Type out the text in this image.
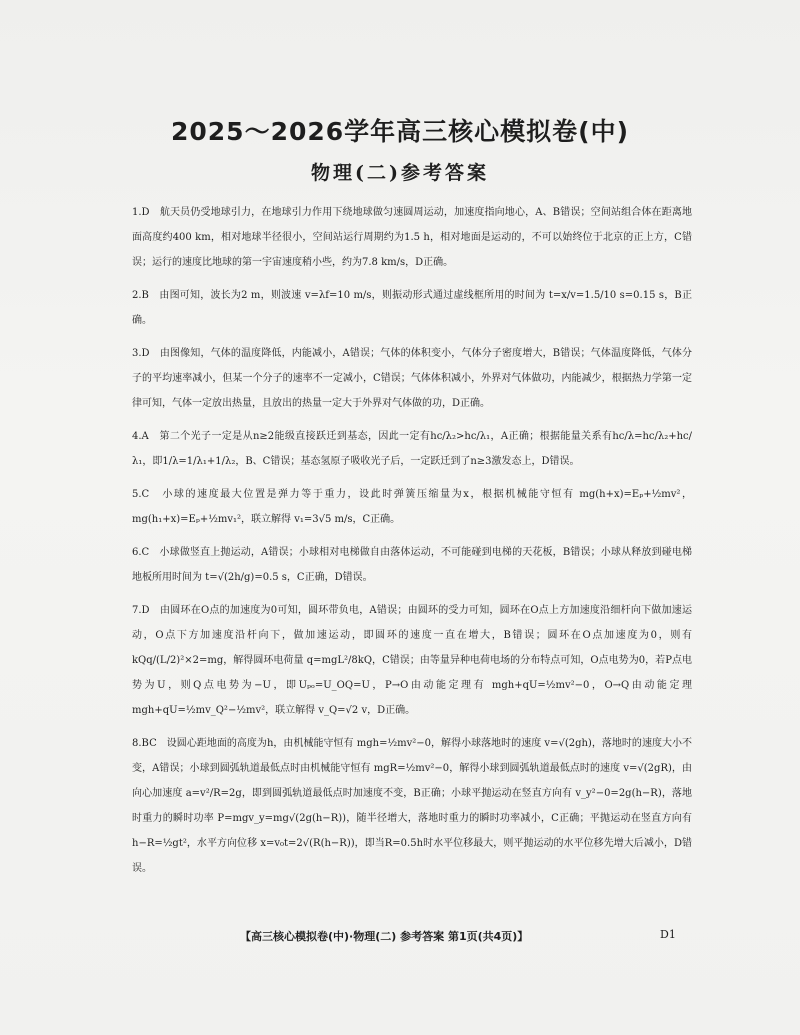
2025～2026学年高三核心模拟卷(中)
物理(二)参考答案

1.D　 航天员仍受地球引力，在地球引力作用下绕地球做匀速圆周运动，加速度指向地心，A、B错误；空间站组合体在距离地面高度约400 km，相对地球半径很小，空间站运行周期约为1.5 h，相对地面是运动的，不可以始终位于北京的正上方，C错误；运行的速度比地球的第一宇宙速度稍小些，约为7.8 km/s，D正确。

2.B　 由图可知，波长为2 m，则波速 v=λf=10 m/s，则振动形式通过虚线框所用的时间为 t=x/v=1.5/10 s=0.15 s，B正确。

3.D　 由图像知，气体的温度降低，内能减小，A错误；气体的体积变小，气体分子密度增大，B错误；气体温度降低，气体分子的平均速率减小，但某一个分子的速率不一定减小，C错误；气体体积减小，外界对气体做功，内能减少，根据热力学第一定律可知，气体一定放出热量，且放出的热量一定大于外界对气体做的功，D正确。

4.A　 第二个光子一定是从n≥2能级直接跃迁到基态，因此一定有hc/λ₂>hc/λ₁，A正确；根据能量关系有hc/λ=hc/λ₂+hc/λ₁，即1/λ=1/λ₁+1/λ₂，B、C错误；基态氢原子吸收光子后，一定跃迁到了n≥3激发态上，D错误。

5.C　 小球的速度最大位置是弹力等于重力，设此时弹簧压缩量为x，根据机械能守恒有 mg(h+x)=Eₚ+½mv²，mg(h₁+x)=Eₚ+½mv₁²，联立解得 v₁=3√5 m/s，C正确。

6.C　 小球做竖直上抛运动，A错误；小球相对电梯做自由落体运动，不可能碰到电梯的天花板，B错误；小球从释放到碰电梯地板所用时间为 t=√(2h/g)=0.5 s，C正确，D错误。

7.D　 由圆环在O点的加速度为0可知，圆环带负电，A错误；由圆环的受力可知，圆环在O点上方加速度沿细杆向下做加速运动，O点下方加速度沿杆向下，做加速运动，即圆环的速度一直在增大，B错误；圆环在O点加速度为0，则有 kQq/(L/2)²×2=mg，解得圆环电荷量 q=mgL²/8kQ，C错误；由等量异种电荷电场的分布特点可知，O点电势为0，若P点电势为U，则Q点电势为−U，即Uₚₒ=U_OQ=U，P→O由动能定理有 mgh+qU=½mv²−0，O→Q由动能定理 mgh+qU=½mv_Q²−½mv²，联立解得 v_Q=√2 v，D正确。

8.BC　 设圆心距地面的高度为h，由机械能守恒有 mgh=½mv²−0，解得小球落地时的速度 v=√(2gh)，落地时的速度大小不变，A错误；小球到圆弧轨道最低点时由机械能守恒有 mgR=½mv²−0，解得小球到圆弧轨道最低点时的速度 v=√(2gR)，由向心加速度 a=v²/R=2g，即到圆弧轨道最低点时加速度不变，B正确；小球平抛运动在竖直方向有 v_y²−0=2g(h−R)，落地时重力的瞬时功率 P=mgv_y=mg√(2g(h−R))，随半径增大，落地时重力的瞬时功率减小，C正确；平抛运动在竖直方向有 h−R=½gt²，水平方向位移 x=v₀t=2√(R(h−R))，即当R=0.5h时水平位移最大，则平抛运动的水平位移先增大后减小，D错误。

【高三核心模拟卷(中)·物理(二) 参考答案 第1页(共4页)】	D1
